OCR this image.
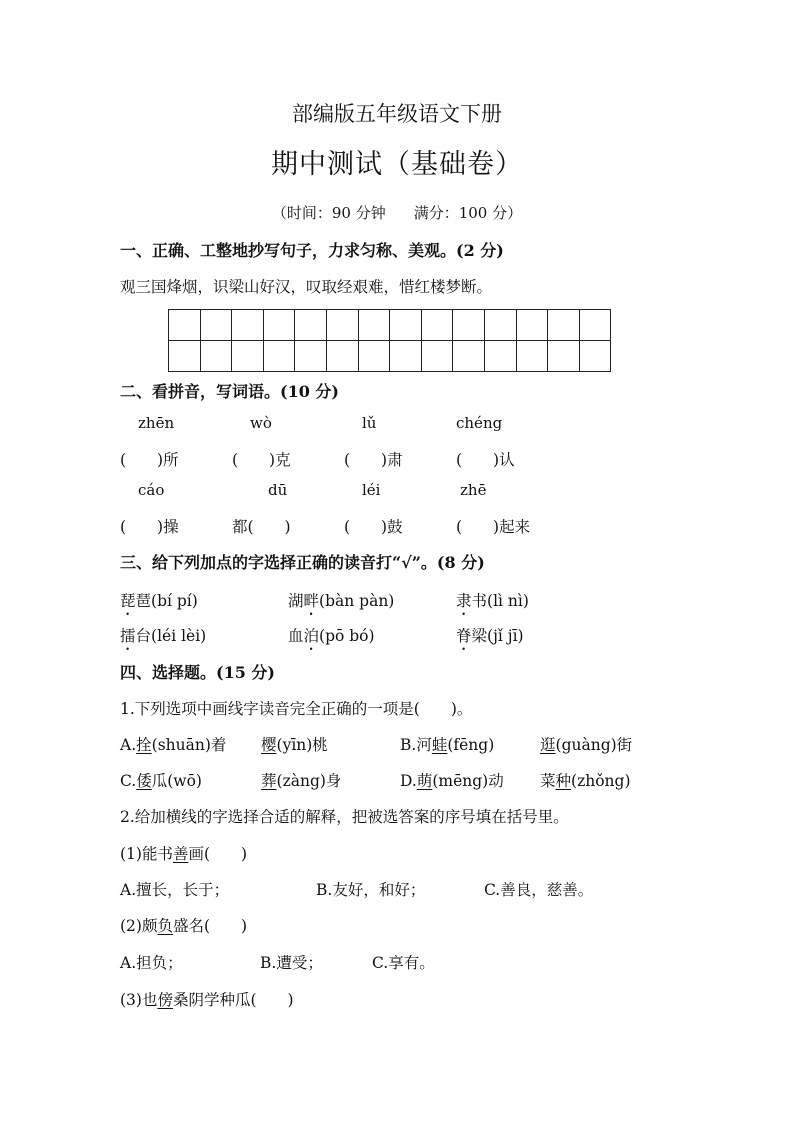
部编版五年级语文下册
期中测试（基础卷）
（时间：90 分钟 满分：100 分）
一、正确、工整地抄写句子，力求匀称、美观。(2 分)
观三国烽烟，识梁山好汉，叹取经艰难，惜红楼梦断。

二、看拼音，写词语。(10 分)
zhēn	wò	lǔ	chéng
(　　)所	(　　)克	(　　)肃	(　　)认
cáo	dū	léi	zhē
(　　)操	都(　　)	(　　)鼓	(　　)起来
三、给下列加点的字选择正确的读音打“√”。(8 分)
琵琶(bí pí)	湖畔(bàn pàn)	隶书(lì nì)
擂台(léi lèi)	血泊(pō bó)	脊梁(jǐ jī)
四、选择题。(15 分)
1.下列选项中画线字读音完全正确的一项是(　　)。
A.拴(shuān)着 樱(yīn)桃	B.河蛙(fēng)	逛(guàng)街
C.倭瓜(wō)	葬(zàng)身	D.萌(mēng)动 菜种(zhǒng)
2.给加横线的字选择合适的解释，把被选答案的序号填在括号里。
(1)能书善画(　　)
A.擅长，长于；	B.友好，和好；	C.善良，慈善。
(2)颇负盛名(　　)
A.担负；	B.遭受；	C.享有。
(3)也傍桑阴学种瓜(　　)
